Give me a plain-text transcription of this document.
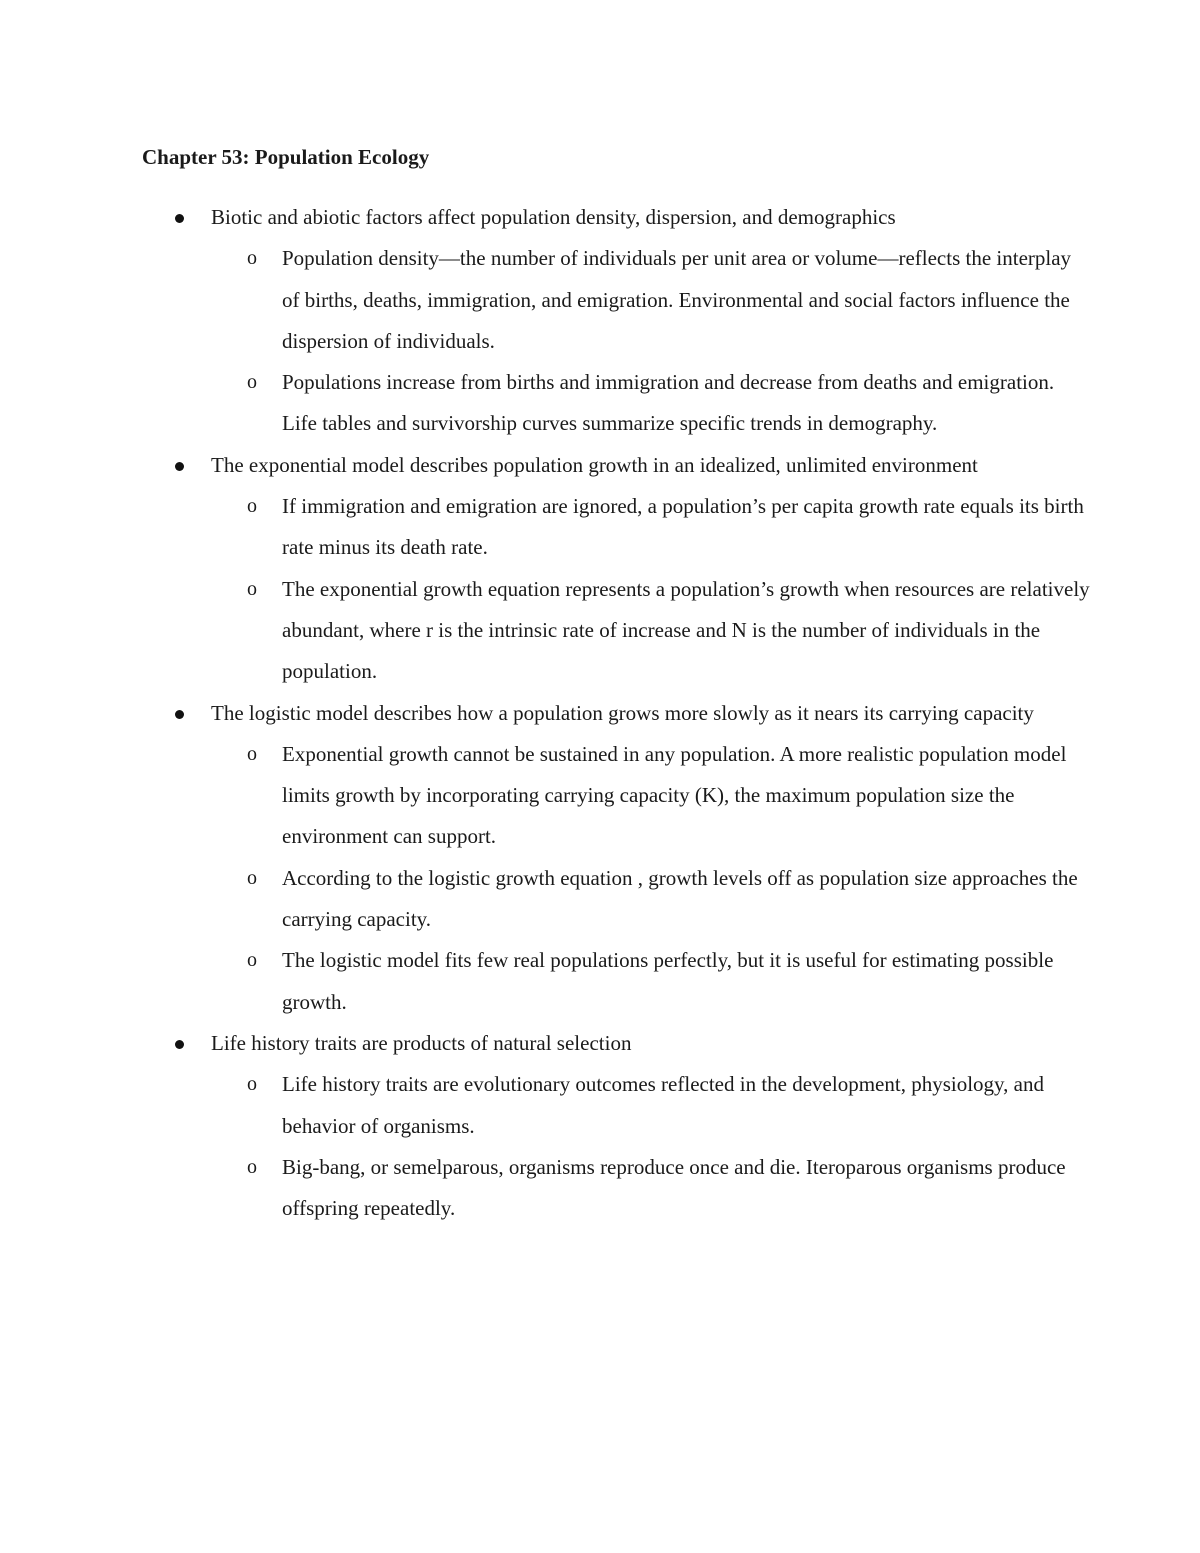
Chapter 53: Population Ecology
Biotic and abiotic factors affect population density, dispersion, and demographics
o Population density—the number of individuals per unit area or volume—reflects the interplay of births, deaths, immigration, and emigration. Environmental and social factors influence the dispersion of individuals.
o Populations increase from births and immigration and decrease from deaths and emigration. Life tables and survivorship curves summarize specific trends in demography.
The exponential model describes population growth in an idealized, unlimited environment
o If immigration and emigration are ignored, a population’s per capita growth rate equals its birth rate minus its death rate.
o The exponential growth equation represents a population’s growth when resources are relatively abundant, where r is the intrinsic rate of increase and N is the number of individuals in the population.
The logistic model describes how a population grows more slowly as it nears its carrying capacity
o Exponential growth cannot be sustained in any population. A more realistic population model limits growth by incorporating carrying capacity (K), the maximum population size the environment can support.
o According to the logistic growth equation , growth levels off as population size approaches the carrying capacity.
o The logistic model fits few real populations perfectly, but it is useful for estimating possible growth.
Life history traits are products of natural selection
o Life history traits are evolutionary outcomes reflected in the development, physiology, and behavior of organisms.
o Big-bang, or semelparous, organisms reproduce once and die. Iteroparous organisms produce offspring repeatedly.
